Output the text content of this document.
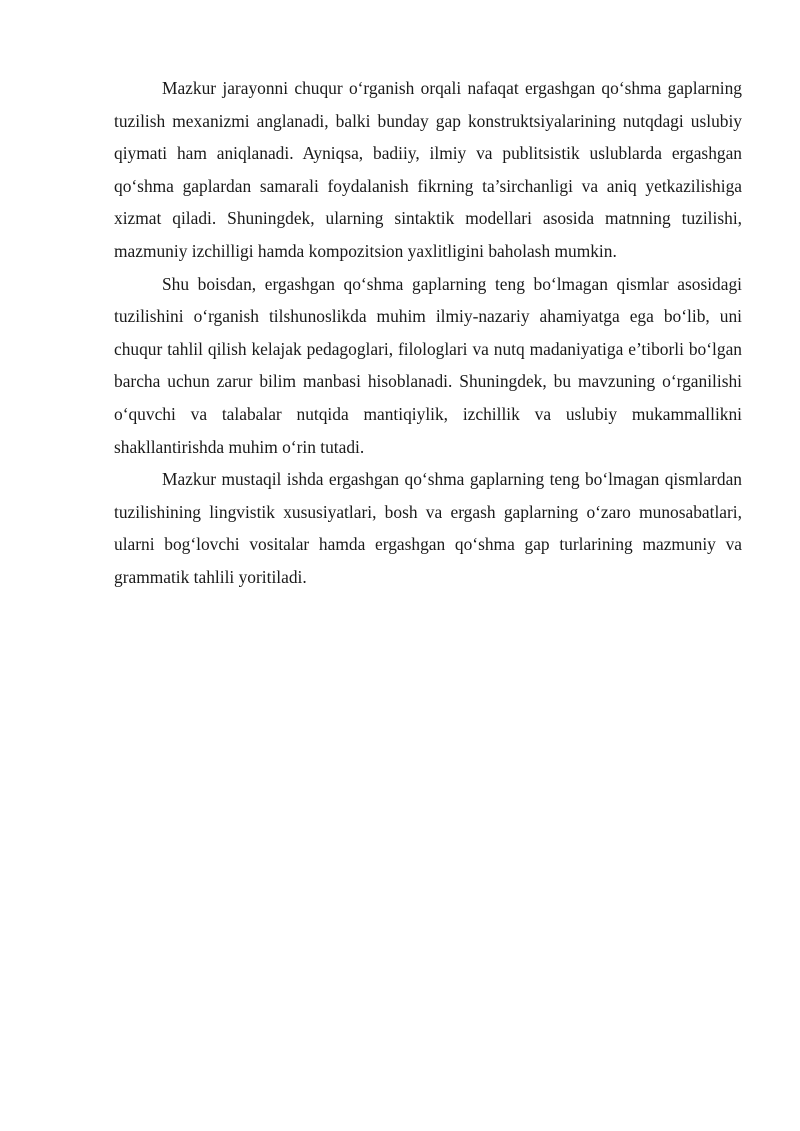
Mazkur jarayonni chuqur o‘rganish orqali nafaqat ergashgan qo‘shma gaplarning tuzilish mexanizmi anglanadi, balki bunday gap konstruktsiyalarining nutqdagi uslubiy qiymati ham aniqlanadi. Ayniqsa, badiiy, ilmiy va publitsistik uslublarda ergashgan qo‘shma gaplardan samarali foydalanish fikrning ta’sirchanligi va aniq yetkazilishiga xizmat qiladi. Shuningdek, ularning sintaktik modellari asosida matnning tuzilishi, mazmuniy izchilligi hamda kompozitsion yaxlitligini baholash mumkin.

Shu boisdan, ergashgan qo‘shma gaplarning teng bo‘lmagan qismlar asosidagi tuzilishini o‘rganish tilshunoslikda muhim ilmiy-nazariy ahamiyatga ega bo‘lib, uni chuqur tahlil qilish kelajak pedagoglari, filologlari va nutq madaniyatiga e’tiborli bo‘lgan barcha uchun zarur bilim manbasi hisoblanadi. Shuningdek, bu mavzuning o‘rganilishi o‘quvchi va talabalar nutqida mantiqiylik, izchillik va uslubiy mukammallikni shakllantirishda muhim o‘rin tutadi.

Mazkur mustaqil ishda ergashgan qo‘shma gaplarning teng bo‘lmagan qismlardan tuzilishining lingvistik xususiyatlari, bosh va ergash gaplarning o‘zaro munosabatlari, ularni bog‘lovchi vositalar hamda ergashgan qo‘shma gap turlarining mazmuniy va grammatik tahlili yoritiladi.
